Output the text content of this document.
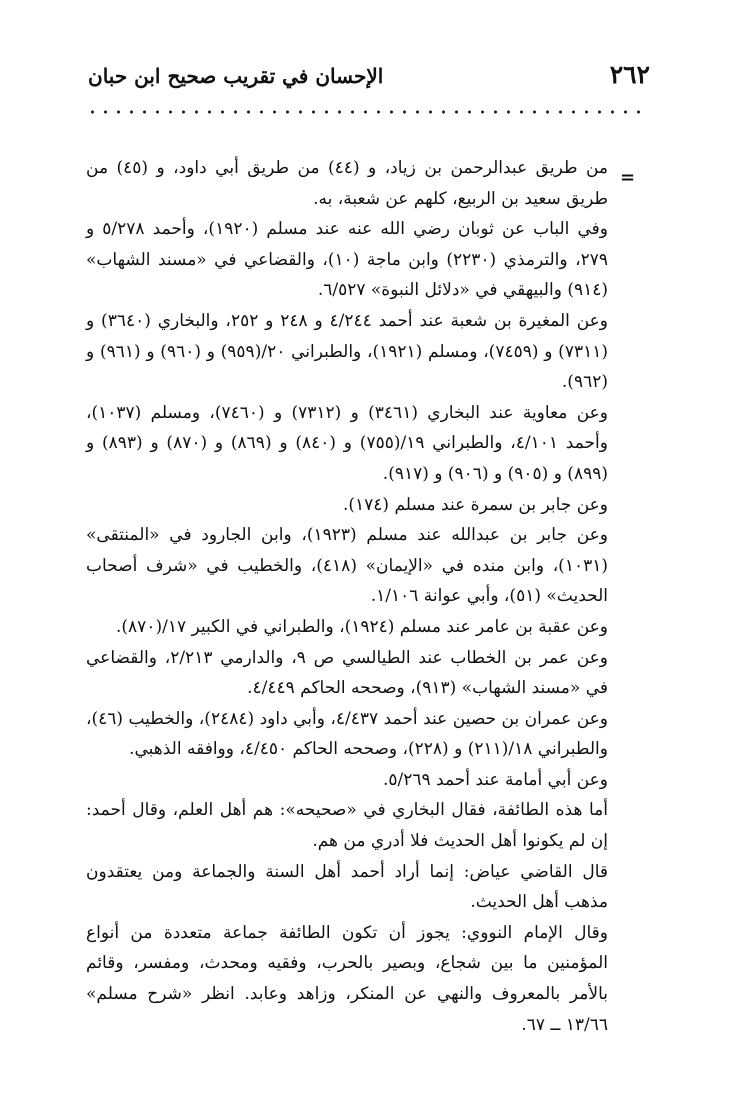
٢٦٢
الإحسان في تقريب صحيح ابن حبان
=

من طريق عبدالرحمن بن زياد، و (٤٤) من طريق أبي داود، و (٤٥) من طريق سعيد بن الربيع، كلهم عن شعبة، به.

وفي الباب عن ثوبان رضي الله عنه عند مسلم (١٩٢٠)، وأحمد ٥/٢٧٨ و ٢٧٩، والترمذي (٢٢٣٠) وابن ماجة (١٠)، والقضاعي في «مسند الشهاب» (٩١٤) والبيهقي في «دلائل النبوة» ٦/٥٢٧.

وعن المغيرة بن شعبة عند أحمد ٤/٢٤٤ و ٢٤٨ و ٢٥٢، والبخاري (٣٦٤٠) و (٧٣١١) و (٧٤٥٩)، ومسلم (١٩٢١)، والطبراني ٢٠/(٩٥٩) و (٩٦٠) و (٩٦١) و (٩٦٢).

وعن معاوية عند البخاري (٣٤٦١) و (٧٣١٢) و (٧٤٦٠)، ومسلم (١٠٣٧)، وأحمد ٤/١٠١، والطبراني ١٩/(٧٥٥) و (٨٤٠) و (٨٦٩) و (٨٧٠) و (٨٩٣) و (٨٩٩) و (٩٠٥) و (٩٠٦) و (٩١٧).

وعن جابر بن سمرة عند مسلم (١٧٤).

وعن جابر بن عبدالله عند مسلم (١٩٢٣)، وابن الجارود في «المنتقى» (١٠٣١)، وابن منده في «الإيمان» (٤١٨)، والخطيب في «شرف أصحاب الحديث» (٥١)، وأبي عوانة ١/١٠٦.

وعن عقبة بن عامر عند مسلم (١٩٢٤)، والطبراني في الكبير ١٧/(٨٧٠).

وعن عمر بن الخطاب عند الطيالسي ص ٩، والدارمي ٢/٢١٣، والقضاعي في «مسند الشهاب» (٩١٣)، وصححه الحاكم ٤/٤٤٩.

وعن عمران بن حصين عند أحمد ٤/٤٣٧، وأبي داود (٢٤٨٤)، والخطيب (٤٦)، والطبراني ١٨/(٢١١) و (٢٢٨)، وصححه الحاكم ٤/٤٥٠، ووافقه الذهبي.

وعن أبي أمامة عند أحمد ٥/٢٦٩.

أما هذه الطائفة، فقال البخاري في «صحيحه»: هم أهل العلم، وقال أحمد: إن لم يكونوا أهل الحديث فلا أدري من هم.

قال القاضي عياض: إنما أراد أحمد أهل السنة والجماعة ومن يعتقدون مذهب أهل الحديث.

وقال الإمام النووي: يجوز أن تكون الطائفة جماعة متعددة من أنواع المؤمنين ما بين شجاع، وبصير بالحرب، وفقيه ومحدث، ومفسر، وقائم بالأمر بالمعروف والنهي عن المنكر، وزاهد وعابد. انظر «شرح مسلم» ١٣/٦٦ ــ ٦٧.
